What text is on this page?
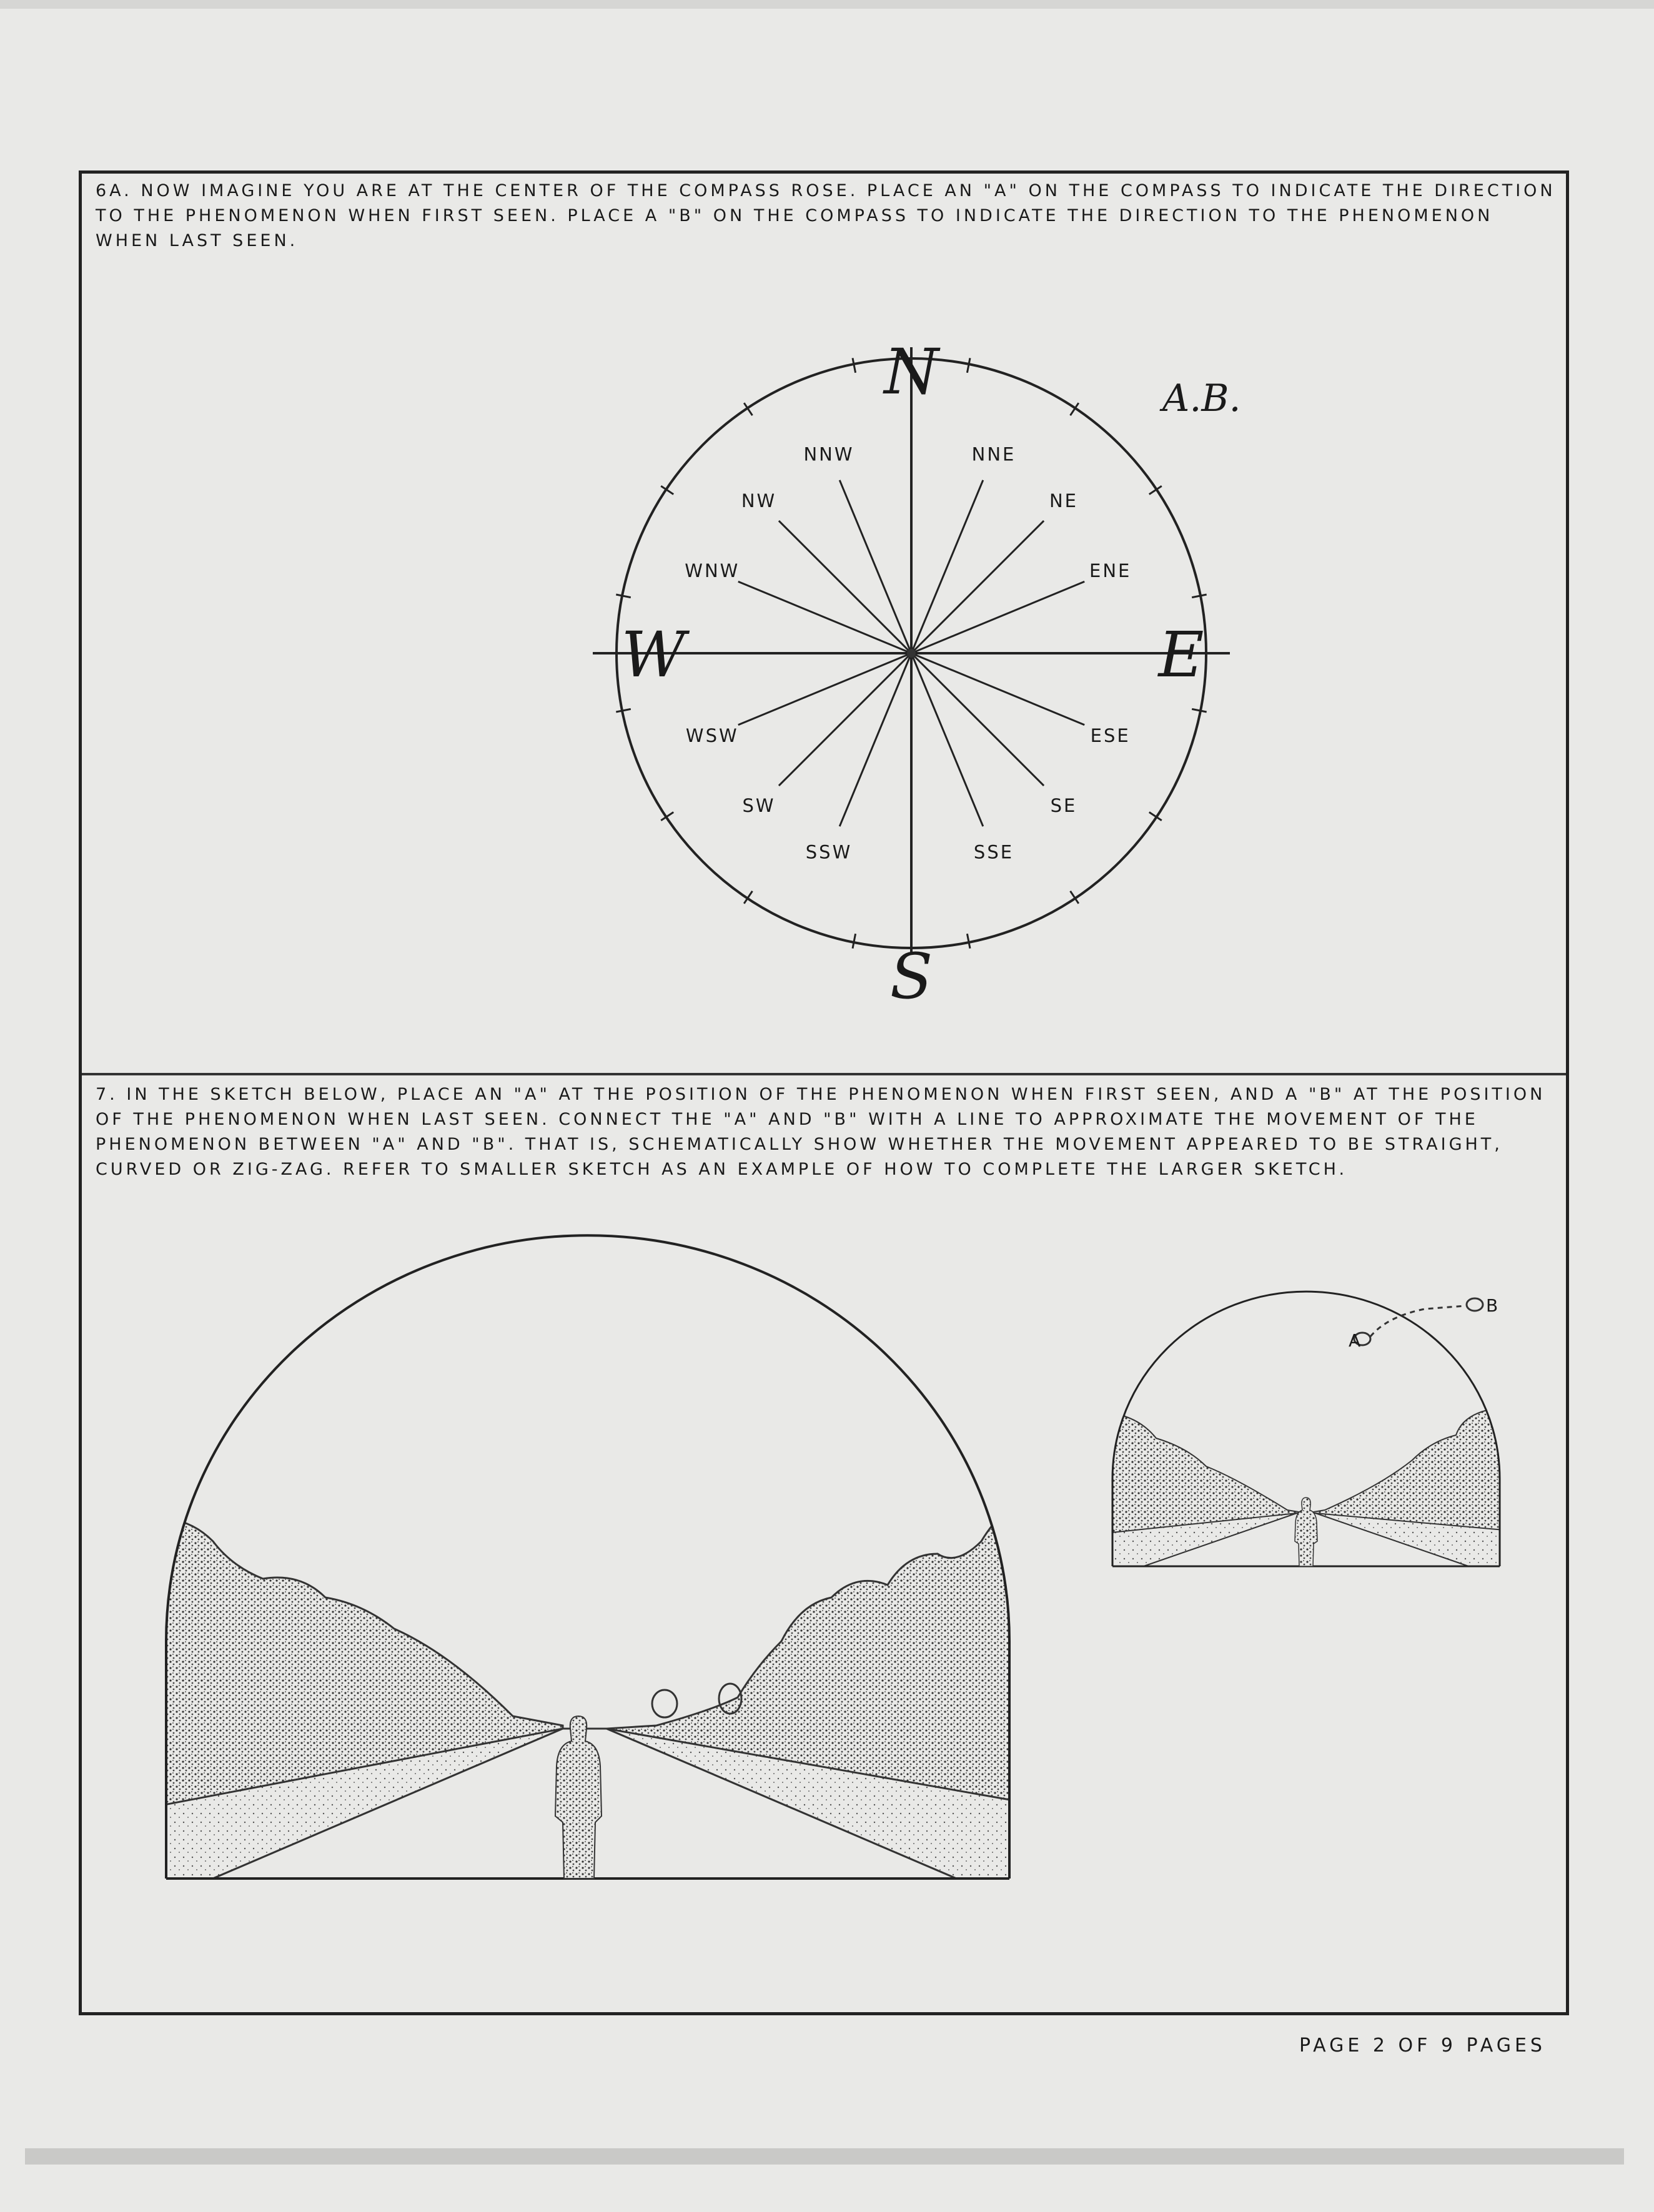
6A. NOW IMAGINE YOU ARE AT THE CENTER OF THE COMPASS ROSE. PLACE AN "A" ON THE COMPASS TO INDICATE THE DIRECTION TO THE PHENOMENON WHEN FIRST SEEN. PLACE A "B" ON THE COMPASS TO INDICATE THE DIRECTION TO THE PHENOMENON WHEN LAST SEEN.

NNE
NE
ENE
ESE
SE
SSE
SSW
SW
WSW
WNW
NW
NNW
N
S
E
W
A.B.

7. IN THE SKETCH BELOW, PLACE AN "A" AT THE POSITION OF THE PHENOMENON WHEN FIRST SEEN, AND A "B" AT THE POSITION OF THE PHENOMENON WHEN LAST SEEN. CONNECT THE "A" AND "B" WITH A LINE TO APPROXIMATE THE MOVEMENT OF THE PHENOMENON BETWEEN "A" AND "B". THAT IS, SCHEMATICALLY SHOW WHETHER THE MOVEMENT APPEARED TO BE STRAIGHT, CURVED OR ZIG-ZAG. REFER TO SMALLER SKETCH AS AN EXAMPLE OF HOW TO COMPLETE THE LARGER SKETCH.

A
B
PAGE 2 OF 9 PAGES
